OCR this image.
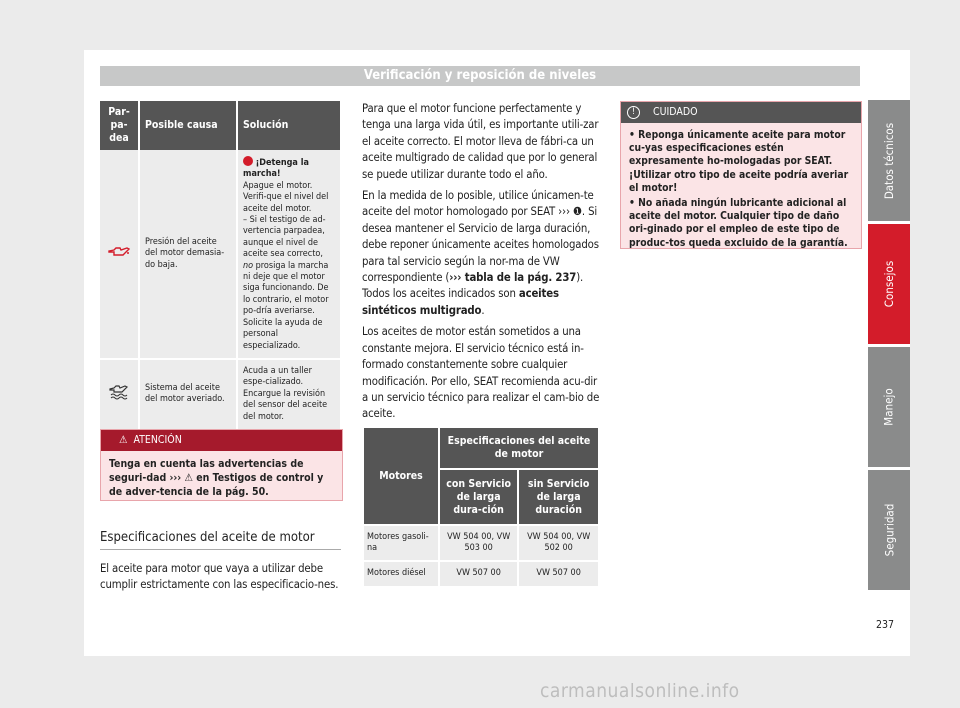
Verificación y reposición de niveles
Par-pa-dea	Posible causa	Solución
	Presión del aceite del motor demasia-do baja.	¡Detenga la marcha!
Apague el motor. Verifi-que el nivel del aceite del motor.
– Si el testigo de ad-vertencia parpadea, aunque el nivel de aceite sea correcto, no prosiga la marcha ni deje que el motor siga funcionando. De lo contrario, el motor po-dría averiarse. Solicite la ayuda de personal especializado.
	Sistema del aceite del motor averiado.	Acuda a un taller espe-cializado. Encargue la revisión del sensor del aceite del motor.
⚠ ATENCIÓN
Tenga en cuenta las advertencias de seguri-dad ››› ⚠ en Testigos de control y de adver-tencia de la pág. 50.
Especificaciones del aceite de motor
El aceite para motor que vaya a utilizar debe cumplir estrictamente con las especificacio-nes.
Para que el motor funcione perfectamente y tenga una larga vida útil, es importante utili-zar el aceite correcto. El motor lleva de fábri-ca un aceite multigrado de calidad que por lo general se puede utilizar durante todo el año.
En la medida de lo posible, utilice únicamen-te aceite del motor homologado por SEAT ››› ❶. Si desea mantener el Servicio de larga duración, debe reponer únicamente aceites homologados para tal servicio según la nor-ma de VW correspondiente (››› tabla de la pág. 237). Todos los aceites indicados son aceites sintéticos multigrado.
Los aceites de motor están sometidos a una constante mejora. El servicio técnico está in-formado constantemente sobre cualquier modificación. Por ello, SEAT recomienda acu-dir a un servicio técnico para realizar el cam-bio de aceite.
Motores	Especificaciones del aceite de motor	
	con Servicio de larga dura-ción	sin Servicio de larga duración
Motores gasoli-na	VW 504 00, VW 503 00	VW 504 00, VW 502 00
Motores diésel	VW 507 00	VW 507 00
!	CUIDADO

• Reponga únicamente aceite para motor cu-yas especificaciones estén expresamente ho-mologadas por SEAT. ¡Utilizar otro tipo de aceite podría averiar el motor!

• No añada ningún lubricante adicional al aceite del motor. Cualquier tipo de daño ori-ginado por el empleo de este tipo de produc-tos queda excluido de la garantía.

Datos técnicos
Consejos
Manejo
Seguridad
237
carmanualsonline.info
